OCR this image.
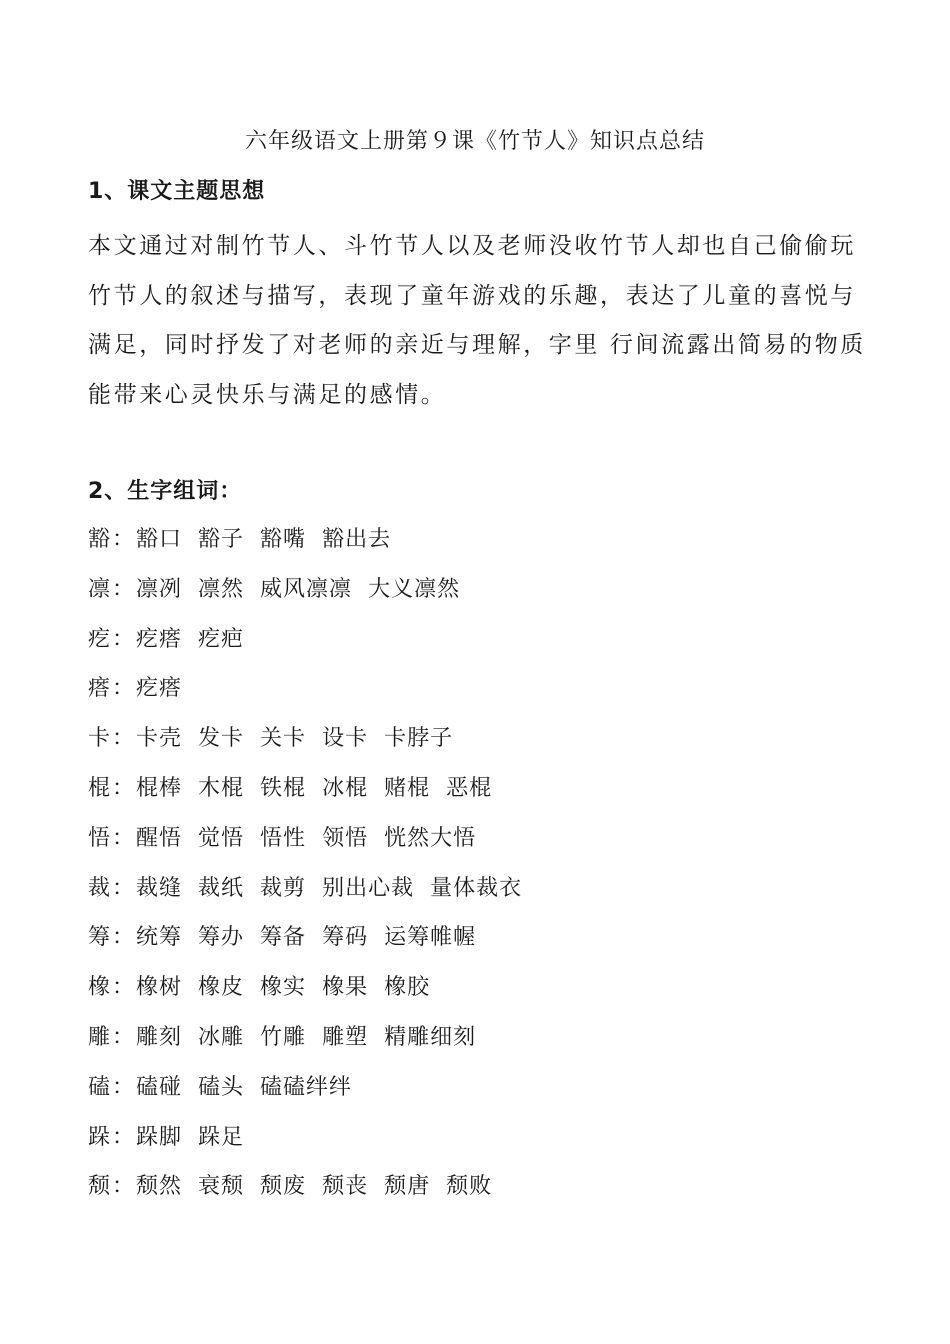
六年级语文上册第９课《竹节人》知识点总结
1、课文主题思想
本文通过对制竹节人、斗竹节人以及老师没收竹节人却也自己偷偷玩
竹节人的叙述与描写，表现了童年游戏的乐趣，表达了儿童的喜悦与
满足，同时抒发了对老师的亲近与理解，字里 行间流露出简易的物质
能带来心灵快乐与满足的感情。
2、生字组词：
豁：豁口 豁子 豁嘴 豁出去
凛：凛冽 凛然 威风凛凛 大义凛然
疙：疙瘩 疙疤
瘩：疙瘩
卡：卡壳 发卡 关卡 设卡 卡脖子
棍：棍棒 木棍 铁棍 冰棍 赌棍 恶棍
悟：醒悟 觉悟 悟性 领悟 恍然大悟
裁：裁缝 裁纸 裁剪 别出心裁 量体裁衣
筹：统筹 筹办 筹备 筹码 运筹帷幄
橡：橡树 橡皮 橡实 橡果 橡胶
雕：雕刻 冰雕 竹雕 雕塑 精雕细刻
磕：磕碰 磕头 磕磕绊绊
跺：跺脚 跺足
颓：颓然 衰颓 颓废 颓丧 颓唐 颓败
